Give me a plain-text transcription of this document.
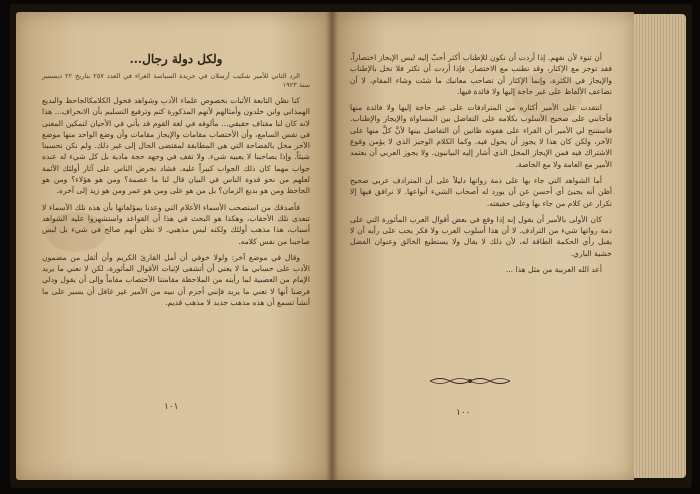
ولكل دولة رجال...

الرد الثاني للأمير شكيب أرسلان في جريدة السياسة الغراء في العدد ٢٥٧ بتاريخ ٢٢ ديسمبر سنة ١٩٢٣

كنا نظن التابعة الأثبات بخصوص علماء الأدب وشواهد فحول الكلامكالجاحظ والبديع الهمذاني وابن خلدون وأمثالهم لأنهم المذكورة كتم وترفيع التسليم بأن الانحراف... هذا لانه كان لنا مقتاف حقيقي... مألوفه في لغة القوم قد يأتي في الأحيان لتمكين المعنى في نفس السامع، وأن الأختصاب مقامات والإيجاز مقامات وأن وضع الواحد منها موضع الآخر مخل بالفصاحة التي هي المطابقة لمقتضى الحال إلى غير ذلك. ولم نكن نحسبنا شيئاً. وإذا يصاحبنا لا يعبيه شيء. ولا تقف في وجهه حجة مادية بل كل شيء له عنده جواب مهما كان ذلك الجواب كبيراً عليه. فشاد نحرض الناس على آثار أولئك الأئمة لعلهم من نحو قدوة الناس في البيان قال لنا ما عصمة؟ ومن هو هؤلاء؟ ومن هو الجاحظ ومن هو بديع الزمان؟ بل من هو على ومن هو عمر ومن هو زيد إلى آخره.

فأصدقك من استصحب الأسماء الأعلام التي وعدنا بمؤلفاتها بأن هذه تلك الأسماء لا تتعدى تلك الأحقاب، وهكذا هو البحث في هذا أن القواعد واستشهروا عليه الشواهد أسباب، هذا مذهب أولئك ولكنه ليس مذهبي. لا نظن أنهم صالح في شيء بل لبس صاحبنا من نفس كلامه.

وقال في موضع آخر: ولولا خوفي أن أمل القارئ الكريم وأن أثقل من مضمون الأدب على حسابي ما لا يعني أن أتشفى لإثبات الأقوال المأثورة، لكن لا نعني ما يريد الإمام من العصبية لما رأيته من الملاحظة مقامتنا الأختصاب مقاماً وإلى أن يقول ودلي فرضنا أنها لا تعني ما يريد فإنني أجزم أن نبيه من الأمير غير غافل أن يسير على ما أنشأ تسمع أن هذه مذهب جديد لا مذهب قديم.

١٠١

أن تنوء لأن نفهم. إذا أردت أن نكون للإطناب أكثر أحبّ إليه ليس الإيجاز اختصاراً، فقد توجز مع الإكثار، وقد تطنب مع الاختصار. فإذا أردت أن تكثر فلا تخل بالإطناب والإيجاز في الكثرة، وإنما الإكثار أن تصاحب معانيك ما شئت وشاء المقام، لا أن تضاعف الألفاظ على غير حاجة إليها ولا فائدة فيها.

انتقدت على الأمير أكثاره من المترادفات على غير حاجة إليها ولا فائدة منها فأجابني على صحيح الأسلوب بكلامه على التفاضل بين المساواة والإيجاز والإطناب. فاستنتج لي الأمير أن القراء على هفوته ظانين أن التفاضل بينها لأنَّ كلَّ منها على الآخر، ولكن كان هذا لا يجوز أن يحول فيه. وكما الكلام الوجيز الذي لا يؤمن وقوع الاشتراك فيه فمن الإيجاز المخل الذي أشار إليه البيانيون. ولا يجوز العربي أن يعتمد الأمير مع العامة ولا مع الخاصة.

أما الشواهد التي جاء بها على ذمة رواتها دليلاً على أن المترادف عربي صحيح أظن أنه يجيئ أي أحسن عن أن يورد له أصحاب الشيء أنواعها. لا نرافق فيها إلا تكرار عن كلام من جاء بها وعلى حقيقته.

كان الأولى بالأمير أن يقول إنه إذا وقع في بعض أقوال العرب المأثورة التي على ذمة رواتها شيء من الترادف. لا أن هذا أسلوب العرب ولا فكر يجب على رأيه أن لا يقبل رأي الحكمة الطاقة له، لأن ذلك لا يقال ولا يستطيع الخالق وعنوان الفضل خشية الباري.

أعد الله العربية من مثل هذا ...

١٠٠
